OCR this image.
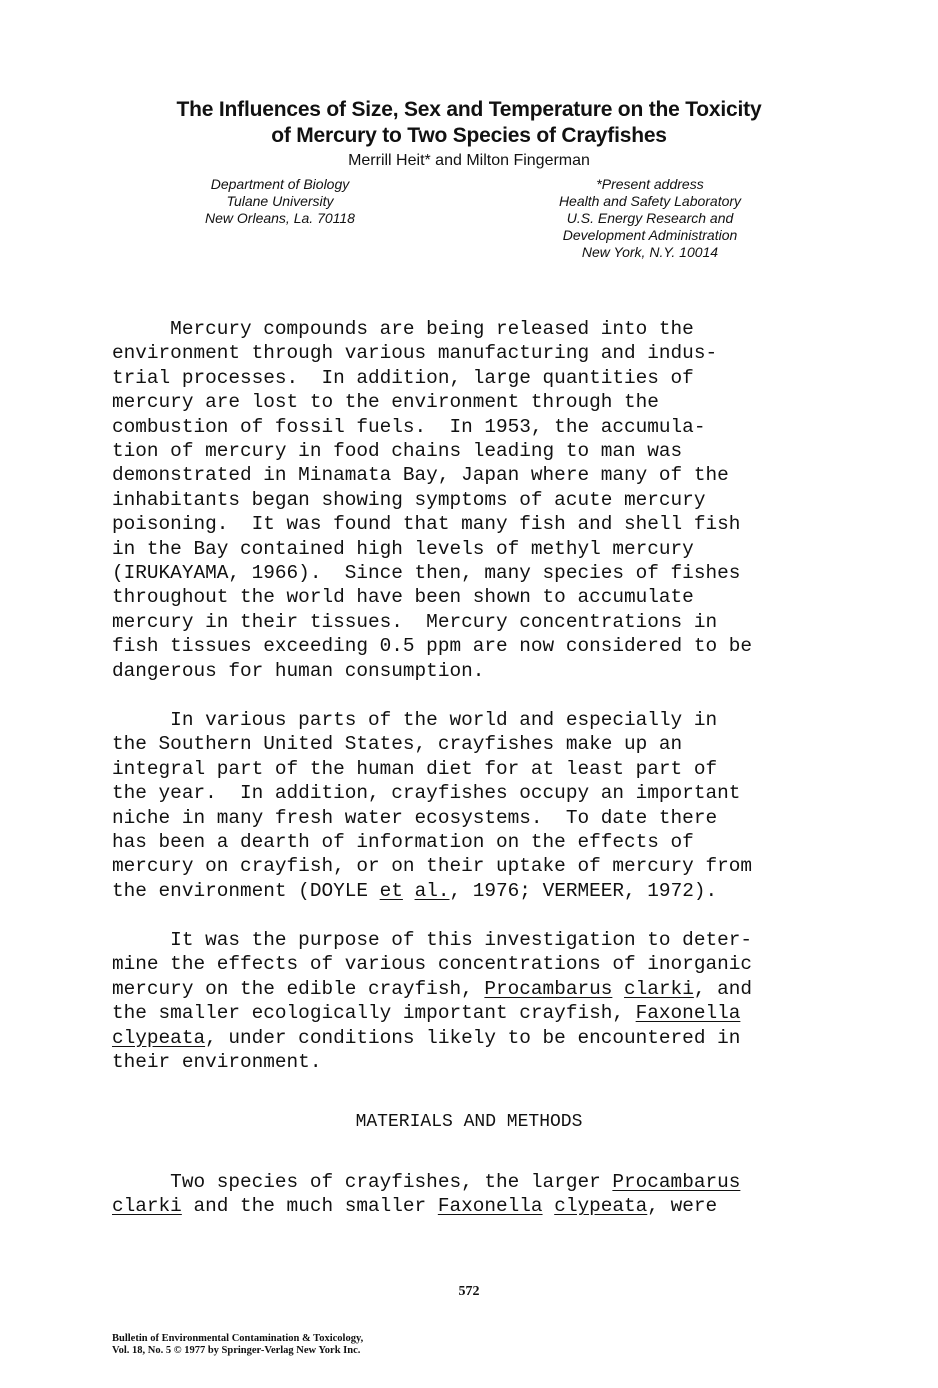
The Influences of Size, Sex and Temperature on the Toxicity
of Mercury to Two Species of Crayfishes
Merrill Heit* and Milton Fingerman
Department of Biology
Tulane University
New Orleans, La. 70118
*Present address
Health and Safety Laboratory
U.S. Energy Research and
Development Administration
New York, N.Y. 10014
Mercury compounds are being released into the
environment through various manufacturing and indus-
trial processes.  In addition, large quantities of
mercury are lost to the environment through the
combustion of fossil fuels.  In 1953, the accumula-
tion of mercury in food chains leading to man was
demonstrated in Minamata Bay, Japan where many of the
inhabitants began showing symptoms of acute mercury
poisoning.  It was found that many fish and shell fish
in the Bay contained high levels of methyl mercury
(IRUKAYAMA, 1966).  Since then, many species of fishes
throughout the world have been shown to accumulate
mercury in their tissues.  Mercury concentrations in
fish tissues exceeding 0.5 ppm are now considered to be
dangerous for human consumption.
In various parts of the world and especially in
the Southern United States, crayfishes make up an
integral part of the human diet for at least part of
the year.  In addition, crayfishes occupy an important
niche in many fresh water ecosystems.  To date there
has been a dearth of information on the effects of
mercury on crayfish, or on their uptake of mercury from
the environment (DOYLE et al., 1976; VERMEER, 1972).
It was the purpose of this investigation to deter-
mine the effects of various concentrations of inorganic
mercury on the edible crayfish, Procambarus clarki, and
the smaller ecologically important crayfish, Faxonella
clypeata, under conditions likely to be encountered in
their environment.
MATERIALS AND METHODS
Two species of crayfishes, the larger Procambarus
clarki and the much smaller Faxonella clypeata, were
572
Bulletin of Environmental Contamination & Toxicology,
Vol. 18, No. 5 © 1977 by Springer-Verlag New York Inc.
